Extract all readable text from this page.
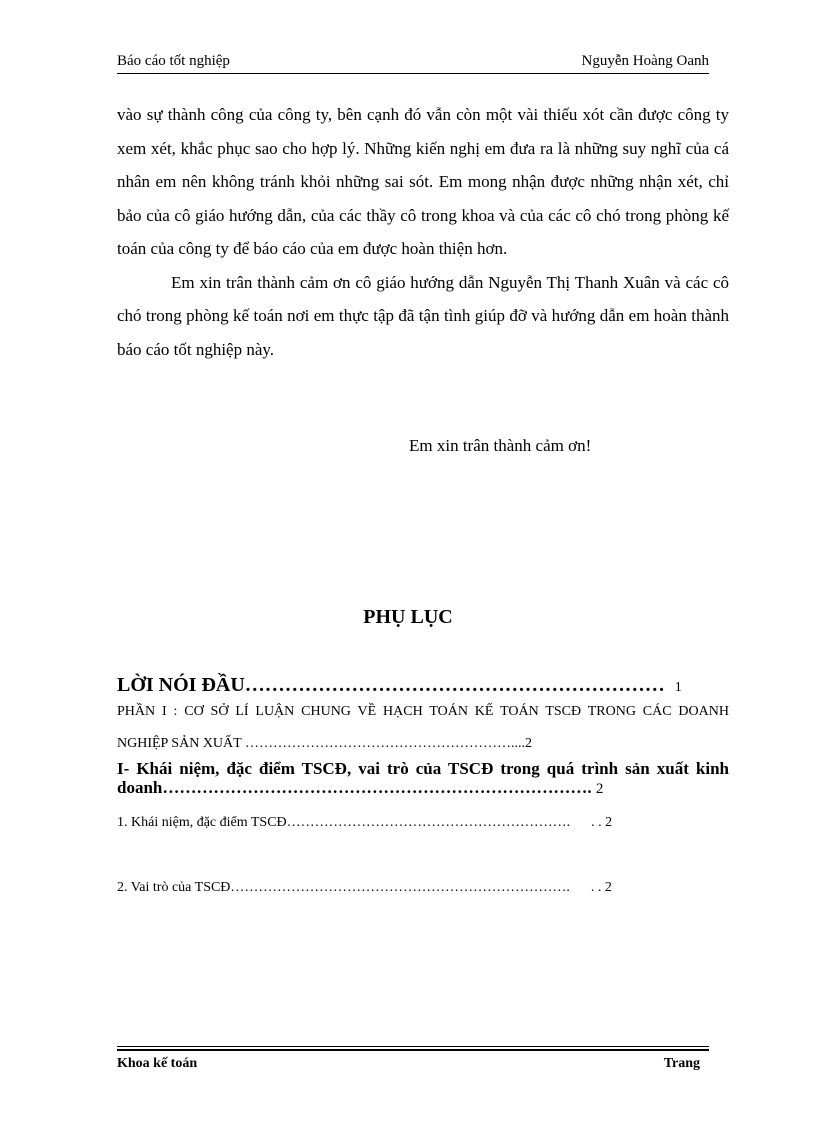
Báo cáo tốt nghiệp	Nguyễn Hoàng Oanh

vào sự thành công của công ty, bên cạnh đó vẫn còn một vài thiếu xót cần được công ty xem xét, khắc phục sao cho hợp lý. Những kiến nghị em đưa ra là những suy nghĩ của cá nhân em nên không tránh khỏi những sai sót. Em mong nhận được những nhận xét, chỉ bảo của cô giáo hướng dẫn, của các thầy cô trong khoa và của các cô chó trong phòng kế toán của công ty để báo cáo của em được hoàn thiện hơn.

Em xin trân thành cảm ơn cô giáo hướng dẫn Nguyễn Thị Thanh Xuân và các cô chó trong phòng kế toán nơi em thực tập đã tận tình giúp đỡ và hướng dẫn em hoàn thành báo cáo tốt nghiệp này.

Em xin trân thành cảm ơn!
PHỤ LỤC
LỜI NÓI ĐẦU……………………………………………………… 1
PHẦN I : CƠ SỞ LÍ LUẬN CHUNG VỀ HẠCH TOÁN KẾ TOÁN TSCĐ TRONG CÁC DOANH NGHIỆP SẢN XUẤT …………………………………………………....2
I- Khái niệm, đặc điểm TSCĐ, vai trò của TSCĐ trong quá trình sản xuất kinh doanh…………………………………………………………………. 2
1. Khái niệm, đặc điểm TSCĐ……………………………………………………. . . 2
2. Vai trò của TSCĐ………………………………………………………………. . . 2
Khoa kế toán	Trang
